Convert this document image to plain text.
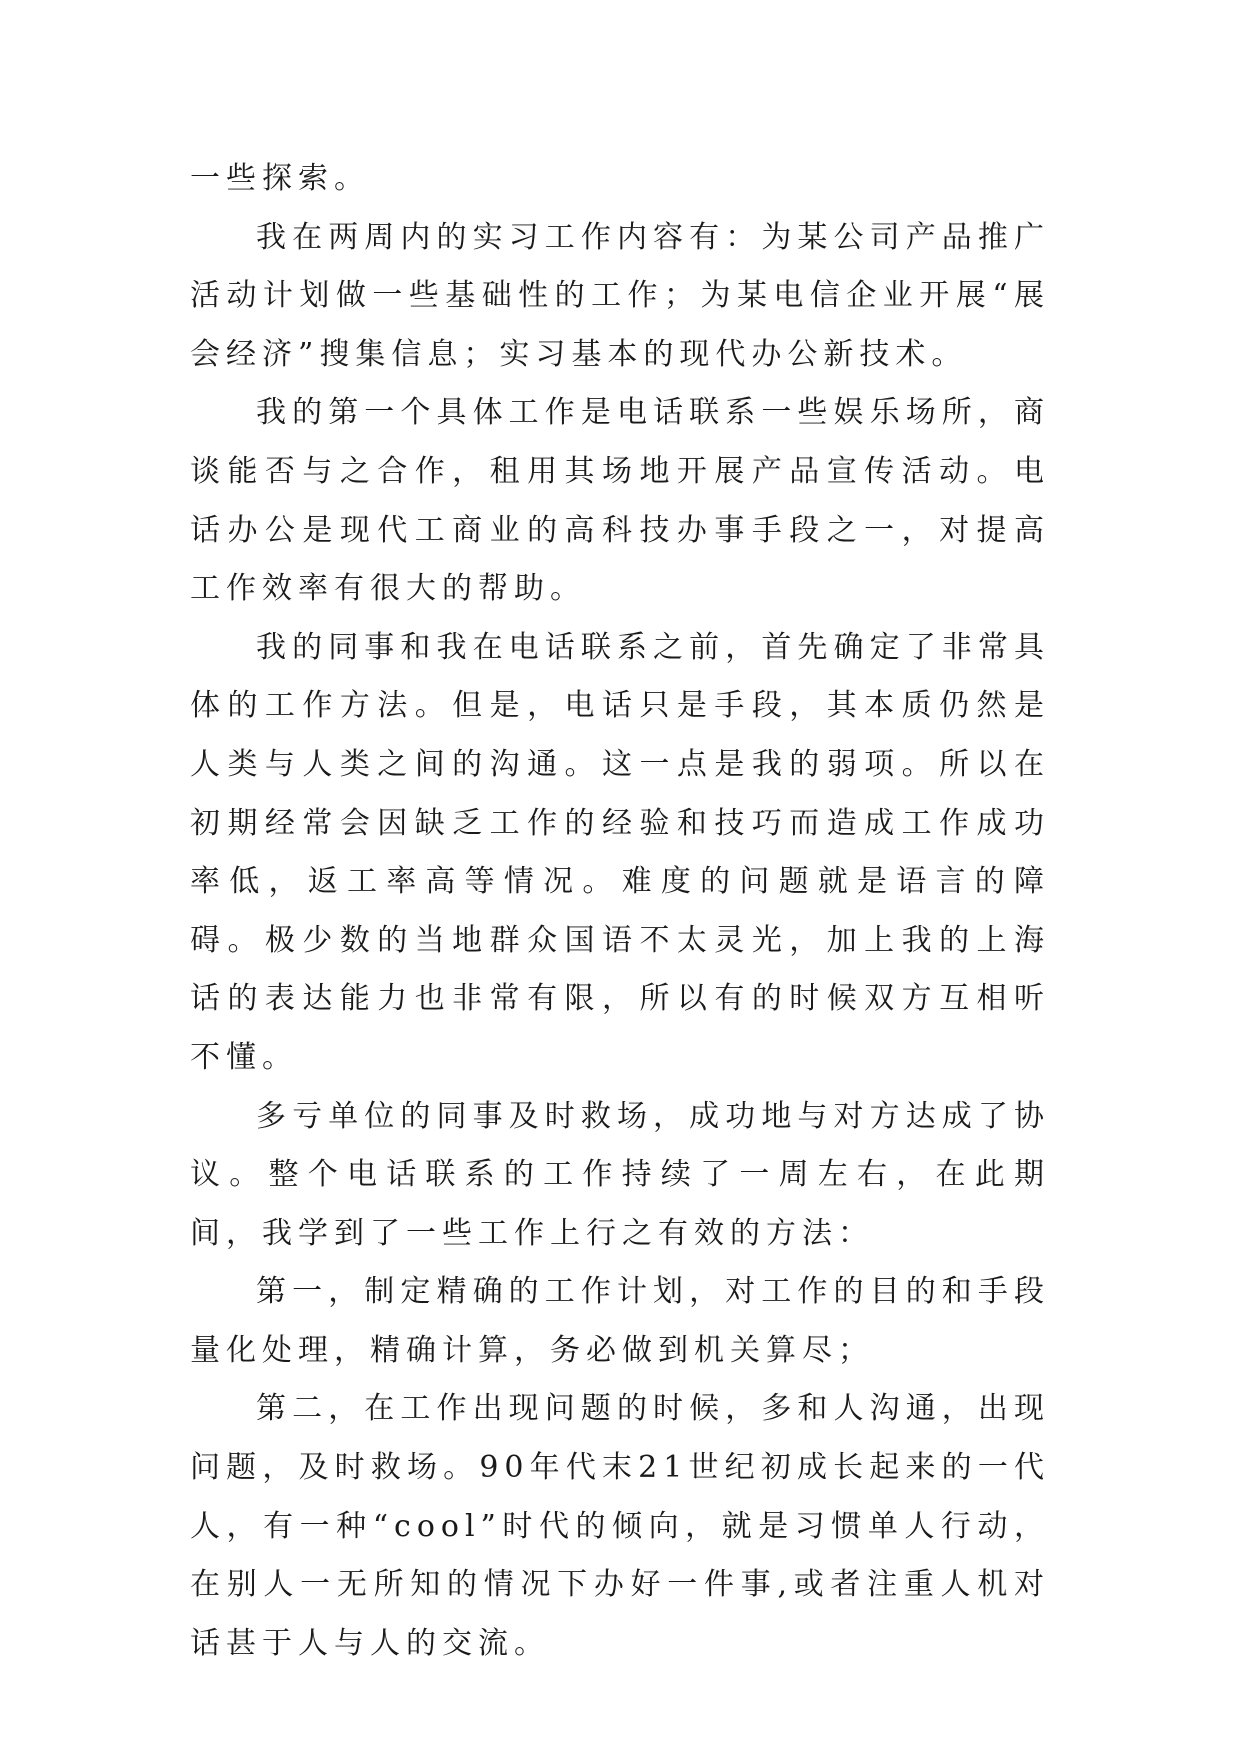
一些探索。

我在两周内的实习工作内容有：为某公司产品推广活动计划做一些基础性的工作；为某电信企业开展“展会经济”搜集信息；实习基本的现代办公新技术。

我的第一个具体工作是电话联系一些娱乐场所，商谈能否与之合作，租用其场地开展产品宣传活动。电话办公是现代工商业的高科技办事手段之一，对提高工作效率有很大的帮助。

我的同事和我在电话联系之前，首先确定了非常具体的工作方法。但是，电话只是手段，其本质仍然是人类与人类之间的沟通。这一点是我的弱项。所以在初期经常会因缺乏工作的经验和技巧而造成工作成功率低，返工率高等情况。难度的问题就是语言的障碍。极少数的当地群众国语不太灵光，加上我的上海话的表达能力也非常有限，所以有的时候双方互相听不懂。

多亏单位的同事及时救场，成功地与对方达成了协议。整个电话联系的工作持续了一周左右，在此期间，我学到了一些工作上行之有效的方法：

第一，制定精确的工作计划，对工作的目的和手段量化处理，精确计算，务必做到机关算尽；

第二，在工作出现问题的时候，多和人沟通，出现问题，及时救场。90年代末21世纪初成长起来的一代人，有一种“cool”时代的倾向，就是习惯单人行动，在别人一无所知的情况下办好一件事,或者注重人机对话甚于人与人的交流。
